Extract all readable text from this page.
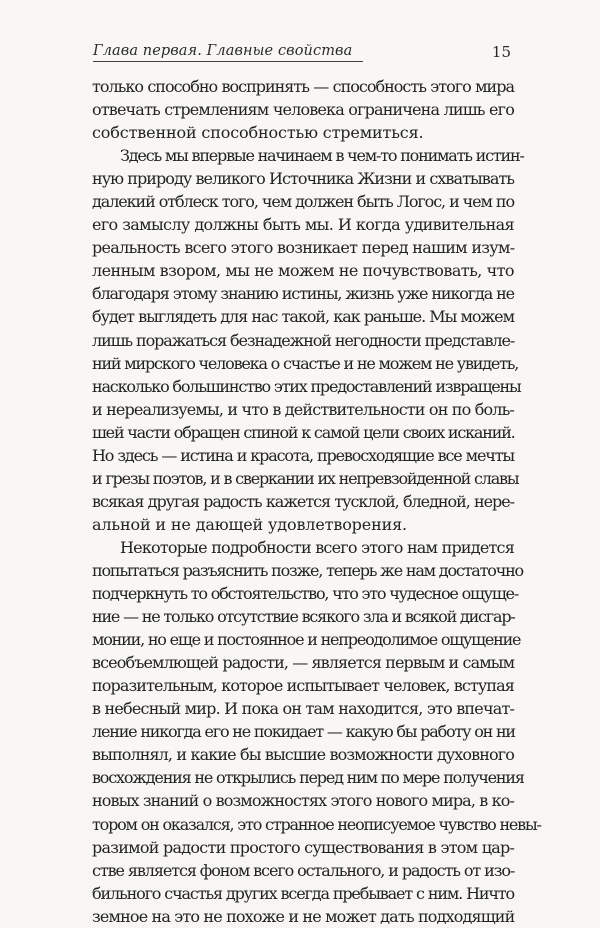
Глава первая. Главные свойства	15
только способно воспринять — способность этого мира
отвечать стремлениям человека ограничена лишь его
собственной способностью стремиться.
Здесь мы впервые начинаем в чем-то понимать истин-
ную природу великого Источника Жизни и схватывать
далекий отблеск того, чем должен быть Логос, и чем по
его замыслу должны быть мы. И когда удивительная
реальность всего этого возникает перед нашим изум-
ленным взором, мы не можем не почувствовать, что
благодаря этому знанию истины, жизнь уже никогда не
будет выглядеть для нас такой, как раньше. Мы можем
лишь поражаться безнадежной негодности представле-
ний мирского человека о счастье и не можем не увидеть,
насколько большинство этих предоставлений извращены
и нереализуемы, и что в действительности он по боль-
шей части обращен спиной к самой цели своих исканий.
Но здесь — истина и красота, превосходящие все мечты
и грезы поэтов, и в сверкании их непревзойденной славы
всякая другая радость кажется тусклой, бледной, нере-
альной и не дающей удовлетворения.
Некоторые подробности всего этого нам придется
попытаться разъяснить позже, теперь же нам достаточно
подчеркнуть то обстоятельство, что это чудесное ощуще-
ние — не только отсутствие всякого зла и всякой дисгар-
монии, но еще и постоянное и непреодолимое ощущение
всеобъемлющей радости, — является первым и самым
поразительным, которое испытывает человек, вступая
в небесный мир. И пока он там находится, это впечат-
ление никогда его не покидает — какую бы работу он ни
выполнял, и какие бы высшие возможности духовного
восхождения не открылись перед ним по мере получения
новых знаний о возможностях этого нового мира, в ко-
тором он оказался, это странное неописуемое чувство невы-
разимой радости простого существования в этом цар-
стве является фоном всего остального, и радость от изо-
бильного счастья других всегда пребывает с ним. Ничто
земное на это не похоже и не может дать подходящий
